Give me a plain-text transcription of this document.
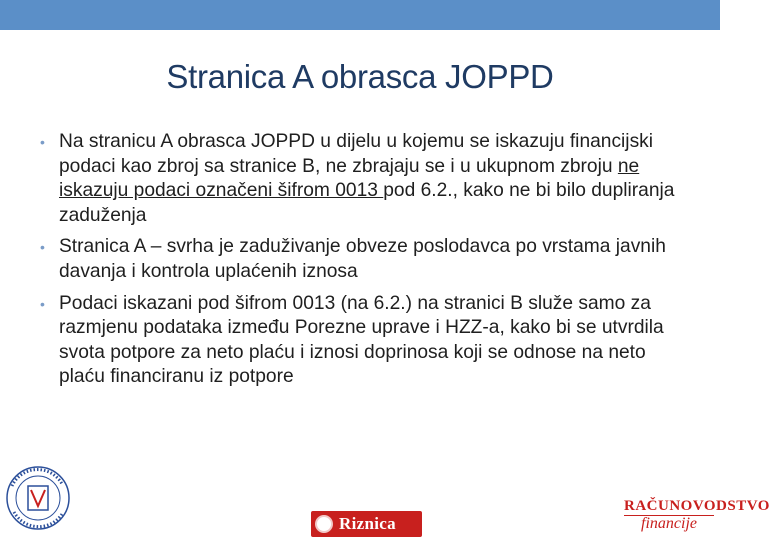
Stranica A obrasca JOPPD
• Na stranicu A obrasca JOPPD u dijelu u kojemu se iskazuju financijski podaci kao zbroj sa stranice B, ne zbrajaju se i u ukupnom zbroju ne iskazuju podaci označeni šifrom 0013 pod 6.2., kako ne bi bilo dupliranja zaduženja
• Stranica A – svrha je zaduživanje obveze poslodavca po vrstama javnih davanja i kontrola uplaćenih iznosa
• Podaci iskazani pod šifrom 0013 (na 6.2.) na stranici B služe samo za razmjenu podataka između Porezne uprave i HZZ-a, kako bi se utvrdila svota potpore za neto plaću i iznosi doprinosa koji se odnose na neto plaću financiranu iz potpore
Riznica
RAČUNOVODSTVO
financije
